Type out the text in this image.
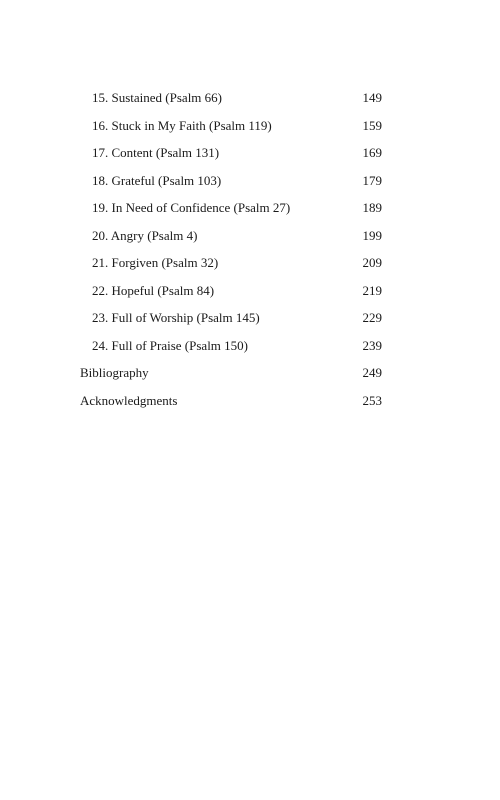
15. Sustained (Psalm 66)	149
16. Stuck in My Faith (Psalm 119)	159
17. Content (Psalm 131)	169
18. Grateful (Psalm 103)	179
19. In Need of Confidence (Psalm 27)	189
20. Angry (Psalm 4)	199
21. Forgiven (Psalm 32)	209
22. Hopeful (Psalm 84)	219
23. Full of Worship (Psalm 145)	229
24. Full of Praise (Psalm 150)	239
Bibliography	249
Acknowledgments	253
